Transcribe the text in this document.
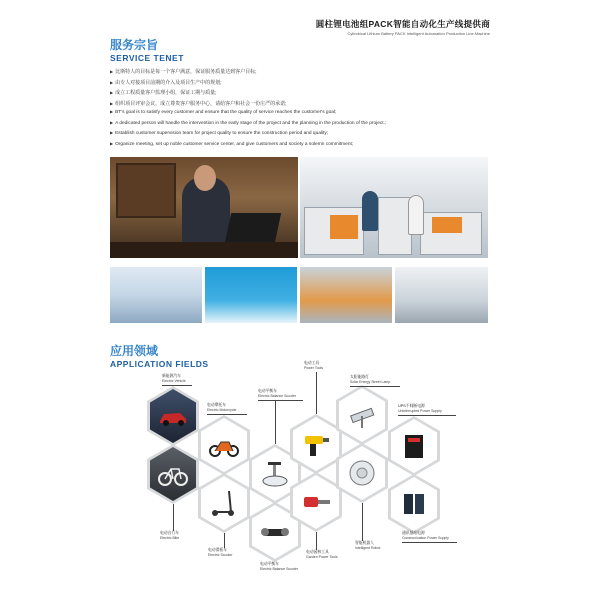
圆柱锂电池组PACK智能自动化生产线提供商
Cylindrical Lithium Battery PACK Intelligent Automation Production Line Machine
服务宗旨
SERVICE TENET
▶ 比斯特人的目标是每一个客户满意，保证服务质量达到客户目标;
▶ 由专人对接项目前期的介入及项目生产中的规划;
▶ 成立工程质量客户监理小组，保证工期与质量;
▶ 组织项目评审会议，成立尊贵客户服务中心，请给客户和社会一份庄严的承诺;
▶ BT's goal is to satisfy every customer and ensure that the quality of service reaches the customer's goal;
▶ A dedicated person will handle the intervention in the early stage of the project and the planning in the production of the project.;
▶ Establish customer supervision team for project quality to ensure the construction period and quality;
▶ Organize meeting, set up noble customer service center, and give customers and society a solemn commitment;
应用领域
APPLICATION FIELDS
新能源汽车
Electric Vehicle
电动摩托车
Electric Motorcycle
电动平衡车
Electric Balance Scooter
电动工具
Power Tools
太阳能路灯
Solar Energy Street Lamp
UPS不间断电源
Uninterrupted Power Supply
电动自行车
Electric Bike
电动滑板车
Electric Scooter
电动平衡车
Electric Balance Scooter
电动园林工具
Garden Power Tools
智能机器人
Intelligent Robot
通讯基站电源
Communication Power Supply
